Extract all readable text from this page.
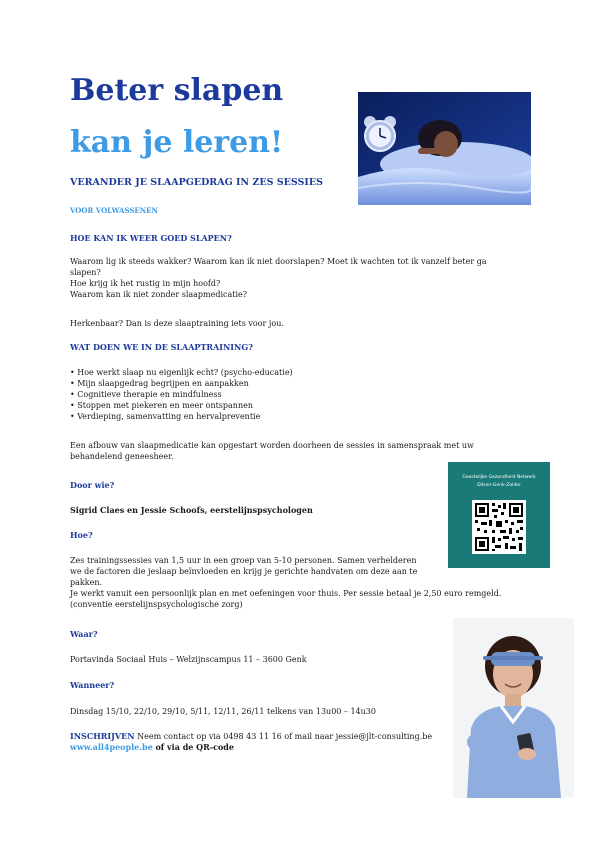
Beter slapen
kan je leren!
VERANDER JE SLAAPGEDRAG IN ZES SESSIES
VOOR VOLWASSENEN
HOE KAN IK WEER GOED SLAPEN?
Waarom lig ik steeds wakker? Waarom kan ik niet doorslapen? Moet ik wachten tot ik vanzelf beter ga
slapen?
Hoe krijg ik het rustig in mijn hoofd?
Waarom kan ik niet zonder slaapmedicatie?
Herkenbaar? Dan is deze slaaptraining iets voor jou.
WAT DOEN WE IN DE SLAAPTRAINING?
• Hoe werkt slaap nu eigenlijk echt? (psycho-educatie)
• Mijn slaapgedrag begrijpen en aanpakken
• Cognitieve therapie en mindfulness
• Stoppen met piekeren en meer ontspannen
• Verdieping, samenvatting en hervalpreventie
Een afbouw van slaapmedicatie kan opgestart worden doorheen de sessies in samenspraak met uw
behandelend geneesheer.
Geestelijke Gezondheid Netwerk
Dilsen-Genk-Zolder
Door wie?
Sigrid Claes en Jessie Schoofs, eerstelijnspsychologen
Hoe?
Zes trainingssessies van 1,5 uur in een groep van 5-10 personen. Samen verhelderen
we de factoren die jeslaap beïnvloeden en krijg je gerichte handvaten om deze aan te
pakken.
Je werkt vanuit een persoonlijk plan en met oefeningen voor thuis. Per sessie betaal je 2,50 euro remgeld.
(conventie eerstelijnspsychologische zorg)
Waar?
Portavinda Sociaal Huis – Welzijnscampus 11 – 3600 Genk
Wanneer?
Dinsdag 15/10, 22/10, 29/10, 5/11, 12/11, 26/11 telkens van 13u00 – 14u30
INSCHRIJVEN Neem contact op via 0498 43 11 16 of mail naar jessie@jlt-consulting.be
www.all4people.be of via de QR-code
